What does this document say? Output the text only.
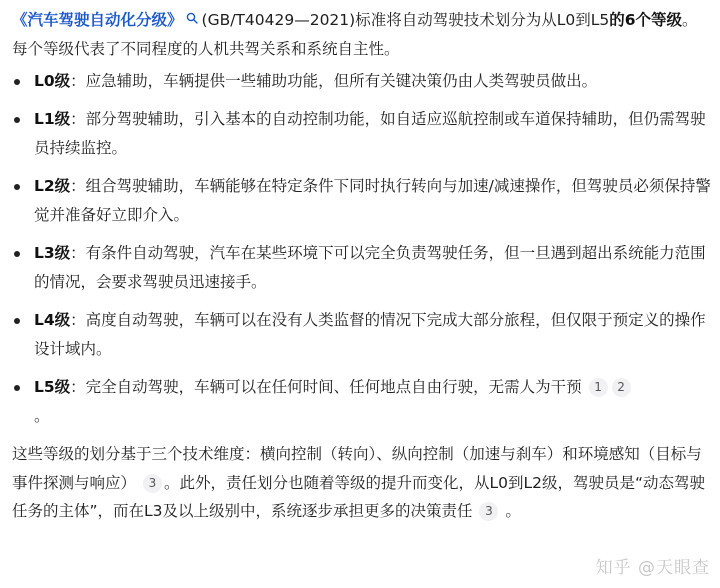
《汽车驾驶自动化分级》 (GB/T40429—2021)标准将自动驾驶技术划分为从L0到L5的6个等级。每个等级代表了不同程度的人机共驾关系和系统自主性。

L0级：应急辅助，车辆提供一些辅助功能，但所有关键决策仍由人类驾驶员做出。
L1级：部分驾驶辅助，引入基本的自动控制功能，如自适应巡航控制或车道保持辅助，但仍需驾驶员持续监控。
L2级：组合驾驶辅助，车辆能够在特定条件下同时执行转向与加速/减速操作，但驾驶员必须保持警觉并准备好立即介入。
L3级：有条件自动驾驶，汽车在某些环境下可以完全负责驾驶任务，但一旦遇到超出系统能力范围的情况，会要求驾驶员迅速接手。
L4级：高度自动驾驶，车辆可以在没有人类监督的情况下完成大部分旅程，但仅限于预定义的操作设计域内。
L5级：完全自动驾驶，车辆可以在任何时间、任何地点自由行驶，无需人为干预 1 2
。

这些等级的划分基于三个技术维度：横向控制（转向）、纵向控制（加速与刹车）和环境感知（目标与事件探测与响应） 3 。此外，责任划分也随着等级的提升而变化，从L0到L2级，驾驶员是“动态驾驶任务的主体”，而在L3及以上级别中，系统逐步承担更多的决策责任 3 。

知乎 @天眼查
